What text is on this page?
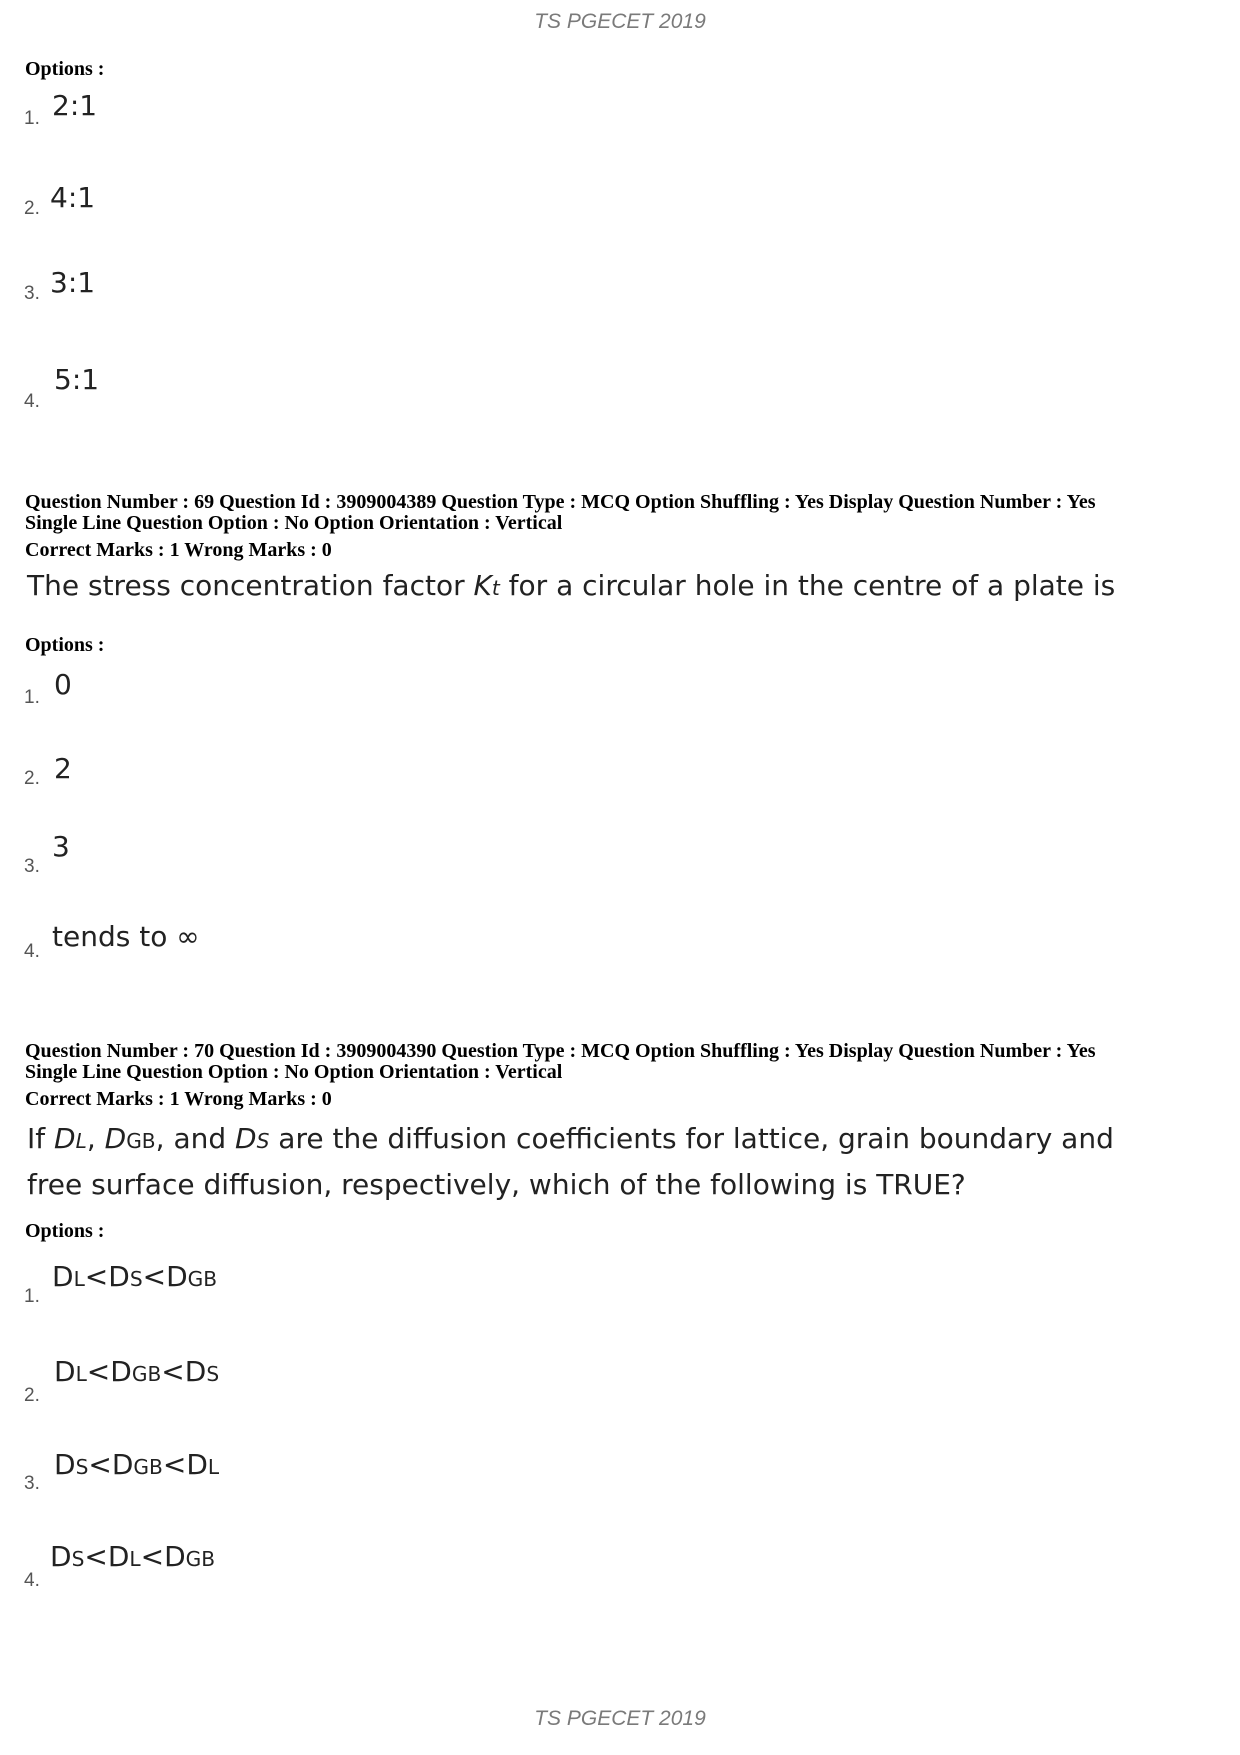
TS PGECET 2019
Options :
1. 2:1
2. 4:1
3. 3:1
4.
5:1
Question Number : 69 Question Id : 3909004389 Question Type : MCQ Option Shuffling : Yes Display Question Number : Yes
Single Line Question Option : No Option Orientation : Vertical
Correct Marks : 1 Wrong Marks : 0
The stress concentration factor Kt for a circular hole in the centre of a plate is
Options :
1. 0
2. 2
3.
3
4. tends to ∞
Question Number : 70 Question Id : 3909004390 Question Type : MCQ Option Shuffling : Yes Display Question Number : Yes
Single Line Question Option : No Option Orientation : Vertical
Correct Marks : 1 Wrong Marks : 0
If DL, DGB, and DS are the diffusion coefficients for lattice, grain boundary and
free surface diffusion, respectively, which of the following is TRUE?
Options :
1.
DL<DS<DGB
2.
DL<DGB<DS
3.
DS<DGB<DL
4.
DS<DL<DGB
TS PGECET 2019
